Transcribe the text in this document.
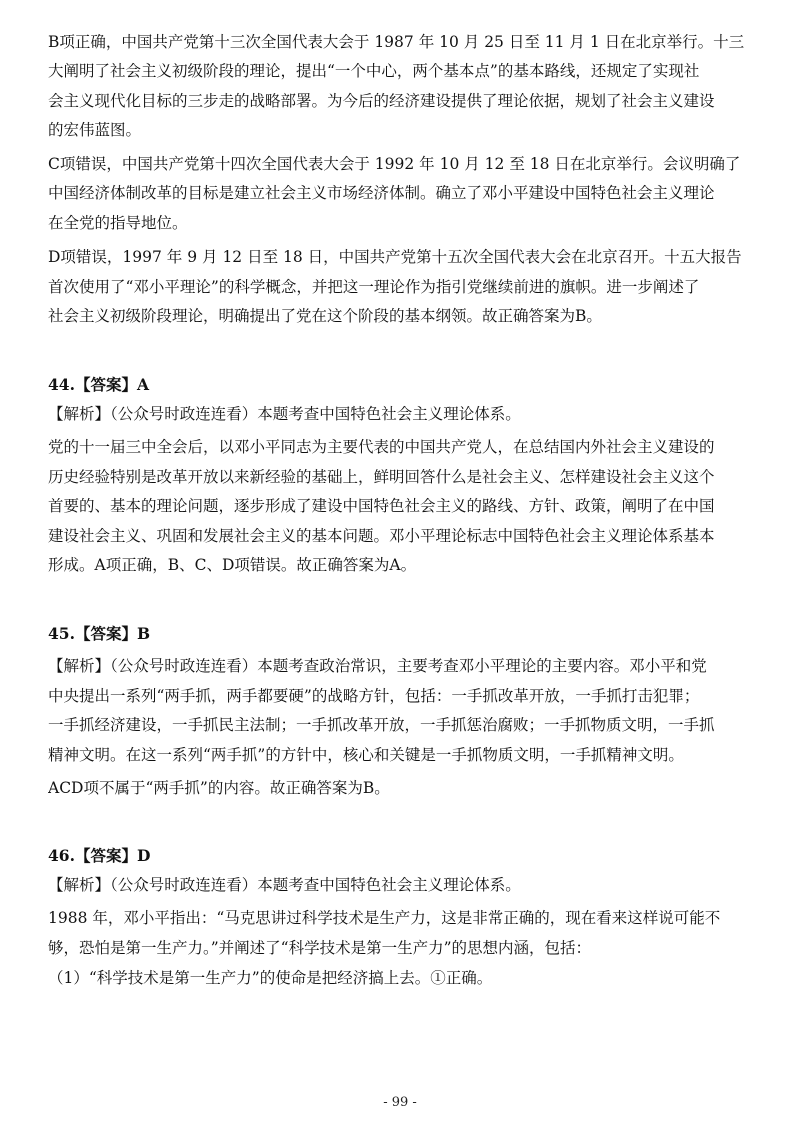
B项正确，中国共产党第十三次全国代表大会于 1987 年 10 月 25 日至 11 月 1 日在北京举行。十三
大阐明了社会主义初级阶段的理论，提出“一个中心，两个基本点”的基本路线，还规定了实现社
会主义现代化目标的三步走的战略部署。为今后的经济建设提供了理论依据，规划了社会主义建设
的宏伟蓝图。
C项错误，中国共产党第十四次全国代表大会于 1992 年 10 月 12 至 18 日在北京举行。会议明确了
中国经济体制改革的目标是建立社会主义市场经济体制。确立了邓小平建设中国特色社会主义理论
在全党的指导地位。
D项错误，1997 年 9 月 12 日至 18 日，中国共产党第十五次全国代表大会在北京召开。十五大报告
首次使用了“邓小平理论”的科学概念，并把这一理论作为指引党继续前进的旗帜。进一步阐述了
社会主义初级阶段理论，明确提出了党在这个阶段的基本纲领。故正确答案为B。
44.【答案】A
【解析】（公众号时政连连看）本题考查中国特色社会主义理论体系。
党的十一届三中全会后，以邓小平同志为主要代表的中国共产党人，在总结国内外社会主义建设的
历史经验特别是改革开放以来新经验的基础上，鲜明回答什么是社会主义、怎样建设社会主义这个
首要的、基本的理论问题，逐步形成了建设中国特色社会主义的路线、方针、政策，阐明了在中国
建设社会主义、巩固和发展社会主义的基本问题。邓小平理论标志中国特色社会主义理论体系基本
形成。A项正确，B、C、D项错误。故正确答案为A。
45.【答案】B
【解析】（公众号时政连连看）本题考查政治常识，主要考查邓小平理论的主要内容。邓小平和党
中央提出一系列“两手抓，两手都要硬”的战略方针，包括：一手抓改革开放，一手抓打击犯罪；
一手抓经济建设，一手抓民主法制；一手抓改革开放，一手抓惩治腐败；一手抓物质文明，一手抓
精神文明。在这一系列“两手抓”的方针中，核心和关键是一手抓物质文明，一手抓精神文明。
ACD项不属于“两手抓”的内容。故正确答案为B。
46.【答案】D
【解析】（公众号时政连连看）本题考查中国特色社会主义理论体系。
1988 年，邓小平指出：“马克思讲过科学技术是生产力，这是非常正确的，现在看来这样说可能不
够，恐怕是第一生产力。”并阐述了“科学技术是第一生产力”的思想内涵，包括：
（1）“科学技术是第一生产力”的使命是把经济搞上去。①正确。
- 99 -
